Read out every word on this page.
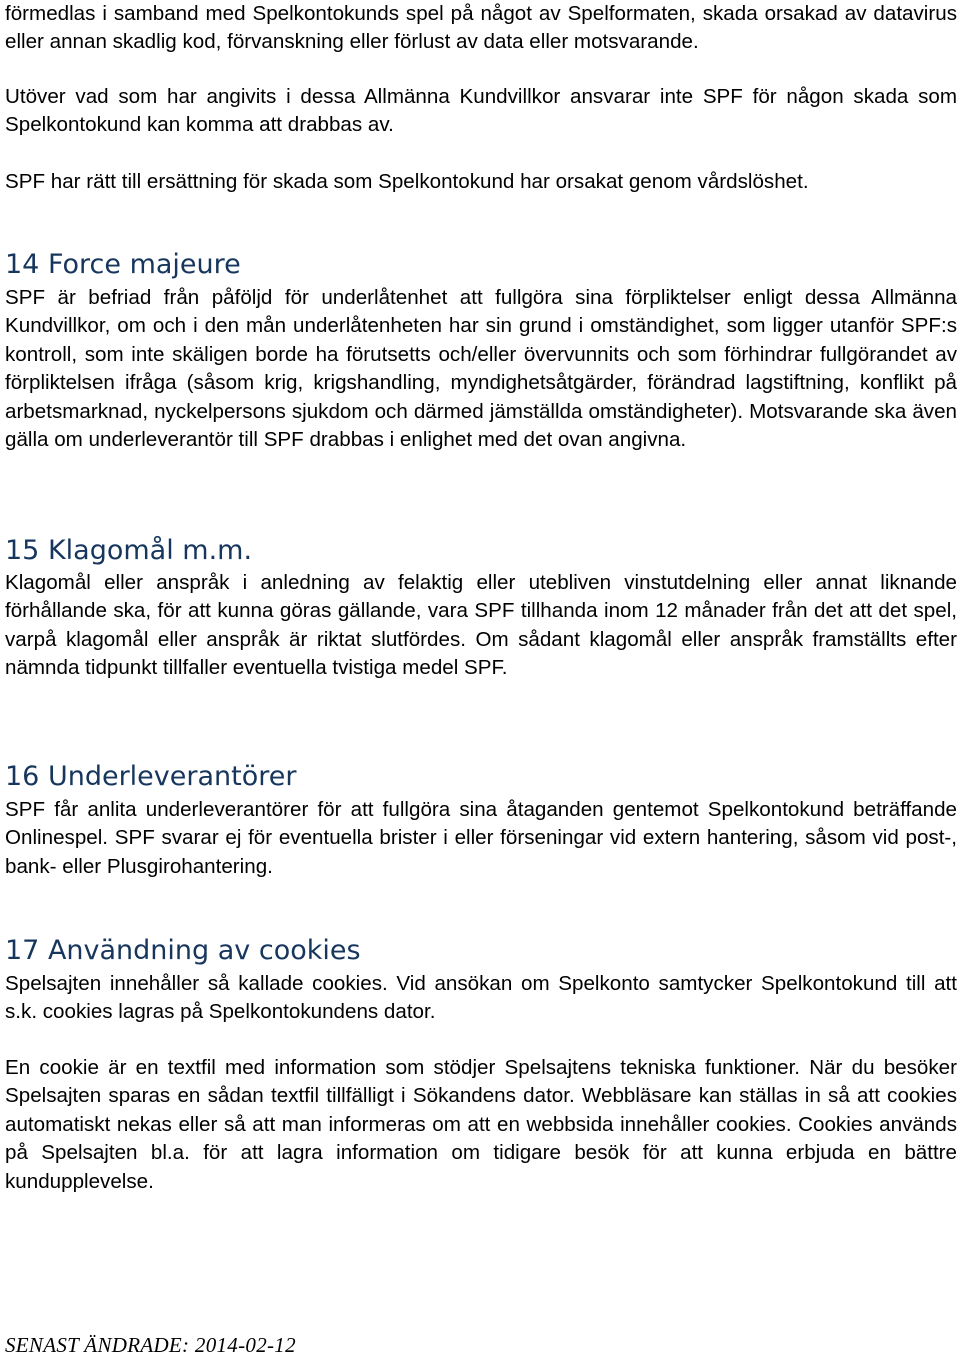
förmedlas i samband med Spelkontokunds spel på något av Spelformaten, skada orsakad av datavirus eller annan skadlig kod, förvanskning eller förlust av data eller motsvarande.

Utöver vad som har angivits i dessa Allmänna Kundvillkor ansvarar inte SPF för någon skada som Spelkontokund kan komma att drabbas av.

SPF har rätt till ersättning för skada som Spelkontokund har orsakat genom vårdslöshet.

14 Force majeure

SPF är befriad från påföljd för underlåtenhet att fullgöra sina förpliktelser enligt dessa Allmänna Kundvillkor, om och i den mån underlåtenheten har sin grund i omständighet, som ligger utanför SPF:s kontroll, som inte skäligen borde ha förutsetts och/eller övervunnits och som förhindrar fullgörandet av förpliktelsen ifråga (såsom krig, krigshandling, myndighetsåtgärder, förändrad lagstiftning, konflikt på arbetsmarknad, nyckelpersons sjukdom och därmed jämställda omständigheter). Motsvarande ska även gälla om underleverantör till SPF drabbas i enlighet med det ovan angivna.

15 Klagomål m.m.

Klagomål eller anspråk i anledning av felaktig eller utebliven vinstutdelning eller annat liknande förhållande ska, för att kunna göras gällande, vara SPF tillhanda inom 12 månader från det att det spel, varpå klagomål eller anspråk är riktat slutfördes. Om sådant klagomål eller anspråk framställts efter nämnda tidpunkt tillfaller eventuella tvistiga medel SPF.

16 Underleverantörer

SPF får anlita underleverantörer för att fullgöra sina åtaganden gentemot Spelkontokund beträffande Onlinespel. SPF svarar ej för eventuella brister i eller förseningar vid extern hantering, såsom vid post-, bank- eller Plusgirohantering.

17 Användning av cookies

Spelsajten innehåller så kallade cookies. Vid ansökan om Spelkonto samtycker Spelkontokund till att s.k. cookies lagras på Spelkontokundens dator.

En cookie är en textfil med information som stödjer Spelsajtens tekniska funktioner. När du besöker Spelsajten sparas en sådan textfil tillfälligt i Sökandens dator. Webbläsare kan ställas in så att cookies automatiskt nekas eller så att man informeras om att en webbsida innehåller cookies. Cookies används på Spelsajten bl.a. för att lagra information om tidigare besök för att kunna erbjuda en bättre kundupplevelse.

SENAST ÄNDRADE: 2014-02-12
